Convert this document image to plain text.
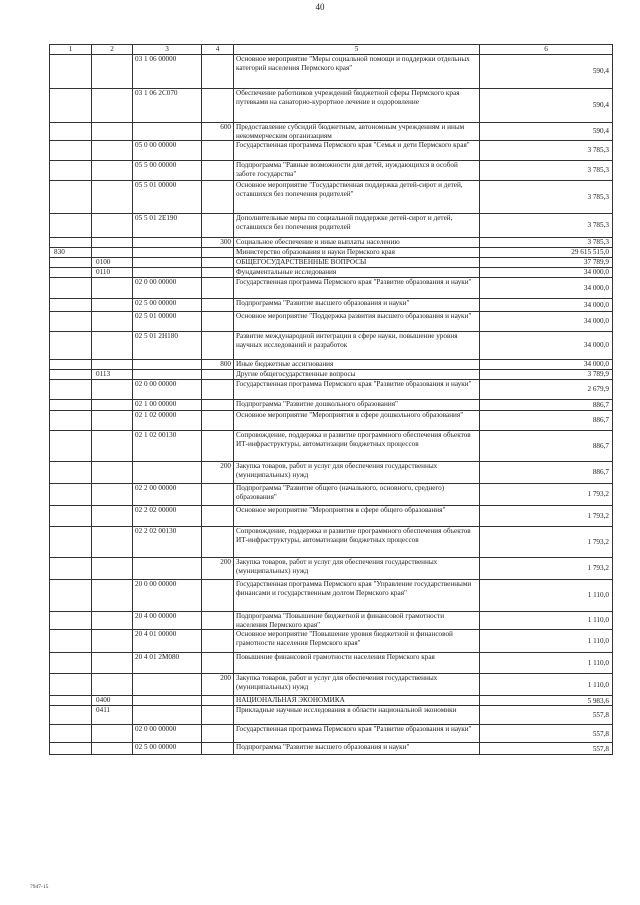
40
1	2	3	4	5	6
		03 1 06 00000		Основное мероприятие "Меры социальной помощи и поддержки отдельных категорий населения Пермского края"	590,4
		03 1 06 2С070		Обеспечение работников учреждений бюджетной сферы Пермского края путевками на санаторно-курортное лечение и оздоровление	590,4
			600	Предоставление субсидий бюджетным, автономным учреждениям и иным некоммерческим организациям	590,4
		05 0 00 00000		Государственная программа Пермского края "Семья и дети Пермского края"	3 785,3
		05 5 00 00000		Подпрограмма "Равные возможности для детей, нуждающихся в особой заботе государства"	3 785,3
		05 5 01 00000		Основное мероприятие "Государственная поддержка детей-сирот и детей, оставшихся без попечения родителей"	3 785,3
		05 5 01 2Е190		Дополнительные меры по социальной поддержке детей-сирот и детей, оставшихся без попечения родителей	3 785,3
			300	Социальное обеспечение и иные выплаты населению	3 785,3
830				Министерство образования и науки Пермского края	29 615 515,0
	0100			ОБЩЕГОСУДАРСТВЕННЫЕ ВОПРОСЫ	37 789,9
	0110			Фундаментальные исследования	34 000,0
		02 0 00 00000		Государственная программа Пермского края "Развитие образования и науки"	34 000,0
		02 5 00 00000		Подпрограмма "Развитие высшего образования и науки"	34 000,0
		02 5 01 00000		Основное мероприятие "Поддержка развития высшего образования и науки"	34 000,0
		02 5 01 2Н180		Развитие международной интеграции в сфере науки, повышение уровня научных исследований и разработок	34 000,0
			800	Иные бюджетные ассигнования	34 000,0
	0113			Другие общегосударственные вопросы	3 789,9
		02 0 00 00000		Государственная программа Пермского края "Развитие образования и науки"	2 679,9
		02 1 00 00000		Подпрограмма "Развитие дошкольного образования"	886,7
		02 1 02 00000		Основное мероприятие "Мероприятия в сфере дошкольного образования"	886,7
		02 1 02 00130		Сопровождение, поддержка и развитие программного обеспечения объектов ИТ-инфраструктуры, автоматизации бюджетных процессов	886,7
			200	Закупка товаров, работ и услуг для обеспечения государственных (муниципальных) нужд	886,7
		02 2 00 00000		Подпрограмма "Развитие общего (начального, основного, среднего) образования"	1 793,2
		02 2 02 00000		Основное мероприятие "Мероприятия в сфере общего образования"	1 793,2
		02 2 02 00130		Сопровождение, поддержка и развитие программного обеспечения объектов ИТ-инфраструктуры, автоматизации бюджетных процессов	1 793,2
			200	Закупка товаров, работ и услуг для обеспечения государственных (муниципальных) нужд	1 793,2
		20 0 00 00000		Государственная программа Пермского края "Управление государственными финансами и государственным долгом Пермского края"	1 110,0
		20 4 00 00000		Подпрограмма "Повышение бюджетной и финансовой грамотности населения Пермского края"	1 110,0
		20 4 01 00000		Основное мероприятие "Повышение уровня бюджетной и финансовой грамотности населения Пермского края"	1 110,0
		20 4 01 2М080		Повышение финансовой грамотности населения Пермского края	1 110,0
			200	Закупка товаров, работ и услуг для обеспечения государственных (муниципальных) нужд	1 110,0
	0400			НАЦИОНАЛЬНАЯ ЭКОНОМИКА	5 983,6
	0411			Прикладные научные исследования в области национальной экономики	557,8
		02 0 00 00000		Государственная программа Пермского края "Развитие образования и науки"	557,8
		02 5 00 00000		Подпрограмма "Развитие высшего образования и науки"	557,8
7947-15
